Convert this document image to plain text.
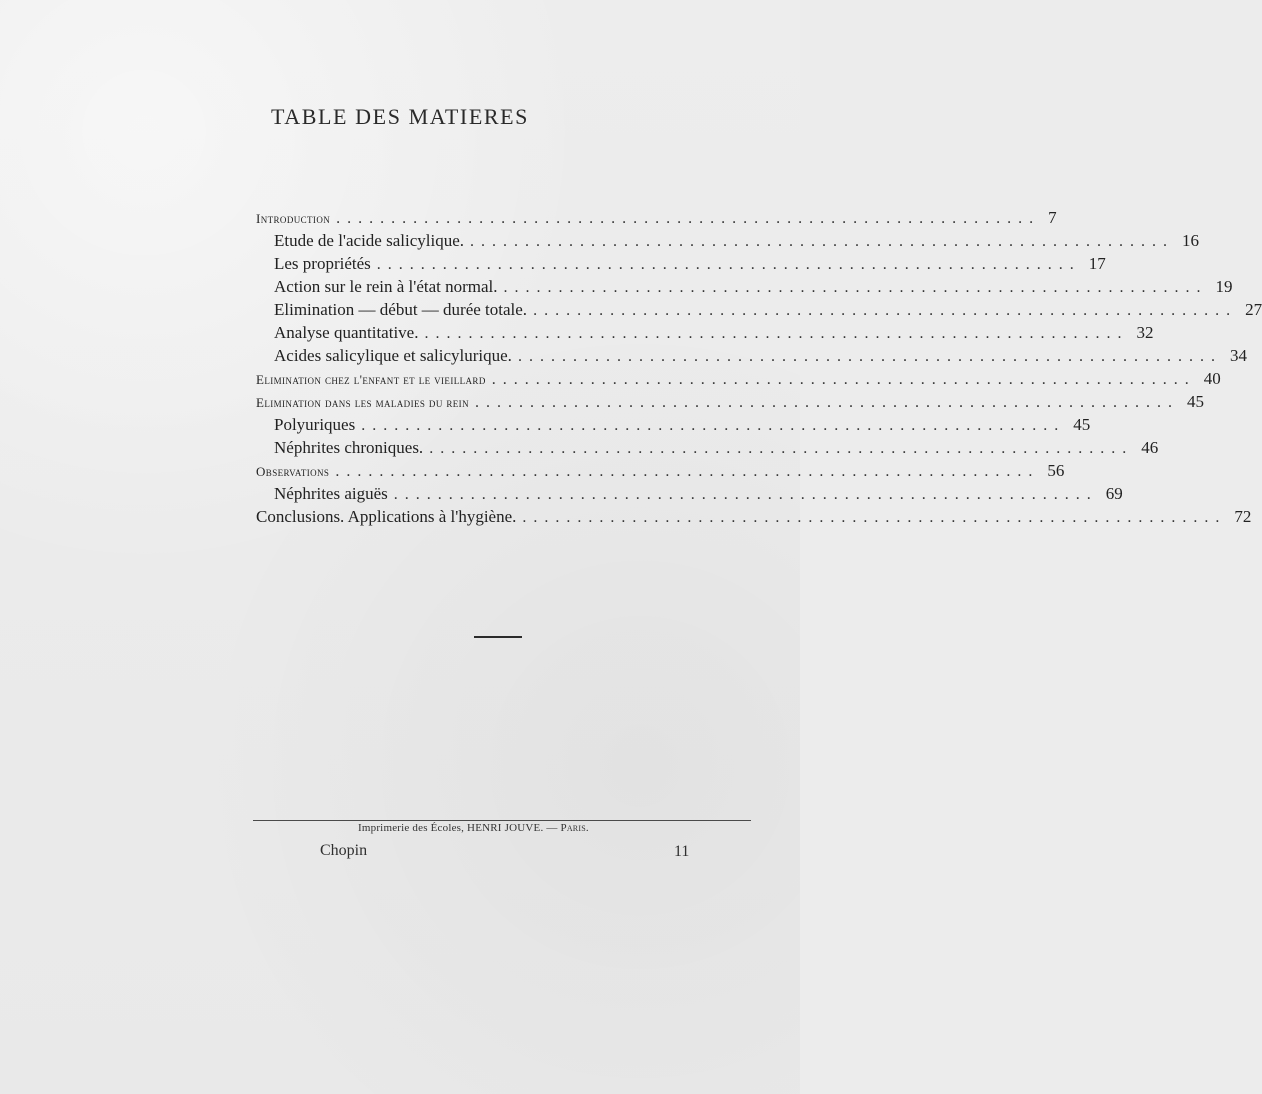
TABLE DES MATIERES
Introduction ................................................................ 7
Etude de l'acide salicylique. ................................................................ 16
Les propriétés ................................................................ 17
Action sur le rein à l'état normal. ................................................................ 19
Elimination — début — durée totale. ................................................................ 27
Analyse quantitative. ................................................................ 32
Acides salicylique et salicylurique. ................................................................ 34
Elimination chez l'enfant et le vieillard ................................................................ 40
Elimination dans les maladies du rein ................................................................ 45
Polyuriques ................................................................ 45
Néphrites chroniques. ................................................................ 46
Observations ................................................................ 56
Néphrites aiguës ................................................................ 69
Conclusions. Applications à l'hygiène. ................................................................ 72
Imprimerie des Écoles, HENRI JOUVE. — Paris.
Chopin	11
